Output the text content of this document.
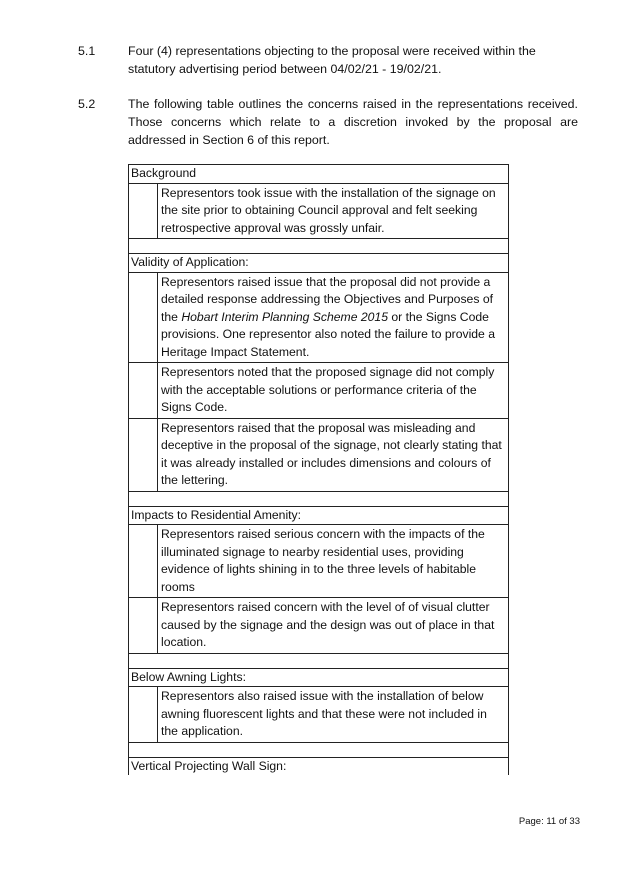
5.1	Four (4) representations objecting to the proposal were received within the
statutory advertising period between 04/02/21 - 19/02/21.
5.2	The following table outlines the concerns raised in the representations received.
Those concerns which relate to a discretion invoked by the proposal are
addressed in Section 6 of this report.
Background	
	Representors took issue with the installation of the signage on the site prior to obtaining Council approval and felt seeking retrospective approval was grossly unfair.

Validity of Application:	
	Representors raised issue that the proposal did not provide a detailed response addressing the Objectives and Purposes of the Hobart Interim Planning Scheme 2015 or the Signs Code provisions. One representor also noted the failure to provide a Heritage Impact Statement.
	Representors noted that the proposed signage did not comply with the acceptable solutions or performance criteria of the Signs Code.
	Representors raised that the proposal was misleading and deceptive in the proposal of the signage, not clearly stating that it was already installed or includes dimensions and colours of the lettering.

Impacts to Residential Amenity:	
	Representors raised serious concern with the impacts of the illuminated signage to nearby residential uses, providing evidence of lights shining in to the three levels of habitable rooms
	Representors raised concern with the level of of visual clutter caused by the signage and the design was out of place in that location.

Below Awning Lights:	
	Representors also raised issue with the installation of below awning fluorescent lights and that these were not included in the application.

Vertical Projecting Wall Sign:	
Page: 11 of 33
